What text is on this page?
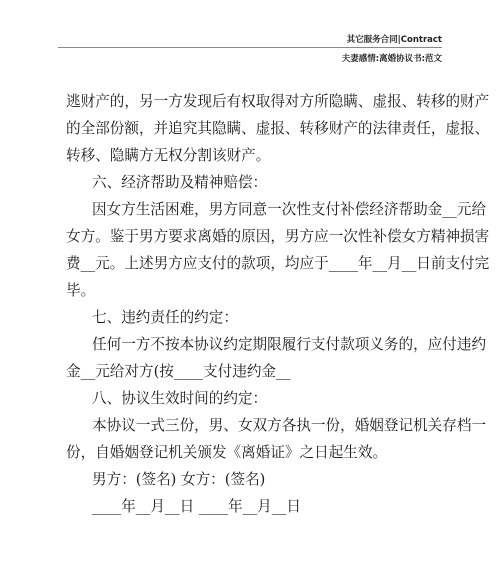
其它服务合同|Contract
夫妻感情:离婚协议书:范文
逃财产的，另一方发现后有权取得对方所隐瞒、虚报、转移的财产
的全部份额，并追究其隐瞒、虚报、转移财产的法律责任，虚报、
转移、隐瞒方无权分割该财产。
六、经济帮助及精神赔偿：
因女方生活困难，男方同意一次性支付补偿经济帮助金__元给
女方。鉴于男方要求离婚的原因，男方应一次性补偿女方精神损害
费__元。上述男方应支付的款项，均应于____年__月__日前支付完
毕。
七、违约责任的约定：
任何一方不按本协议约定期限履行支付款项义务的，应付违约
金__元给对方(按____支付违约金__
八、协议生效时间的约定：
本协议一式三份，男、女双方各执一份，婚姻登记机关存档一
份，自婚姻登记机关颁发《离婚证》之日起生效。
男方：(签名) 女方：(签名)
____年__月__日 ____年__月__日
